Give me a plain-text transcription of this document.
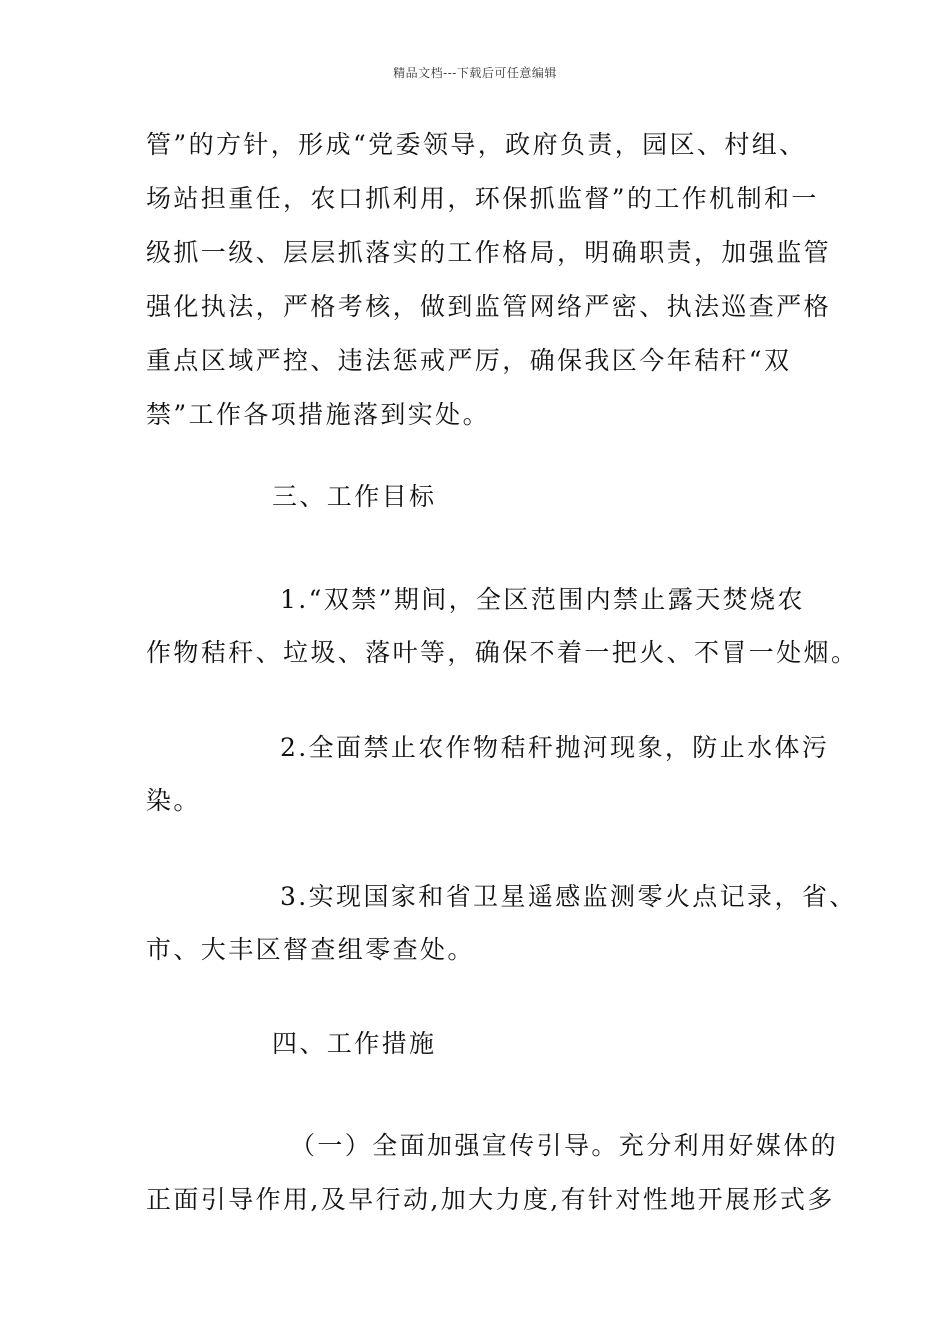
精品文档---下载后可任意编辑
管”的方针，形成“党委领导，政府负责，园区、村组、
场站担重任，农口抓利用，环保抓监督”的工作机制和一
级抓一级、层层抓落实的工作格局，明确职责，加强监管
强化执法，严格考核，做到监管网络严密、执法巡查严格
重点区域严控、违法惩戒严厉，确保我区今年秸秆“双
禁”工作各项措施落到实处。
三、工作目标
1.“双禁”期间，全区范围内禁止露天焚烧农
作物秸秆、垃圾、落叶等，确保不着一把火、不冒一处烟。
2.全面禁止农作物秸秆抛河现象，防止水体污
染。
3.实现国家和省卫星遥感监测零火点记录，省、
市、大丰区督查组零查处。
四、工作措施
（一）全面加强宣传引导。充分利用好媒体的
正面引导作用,及早行动,加大力度,有针对性地开展形式多
